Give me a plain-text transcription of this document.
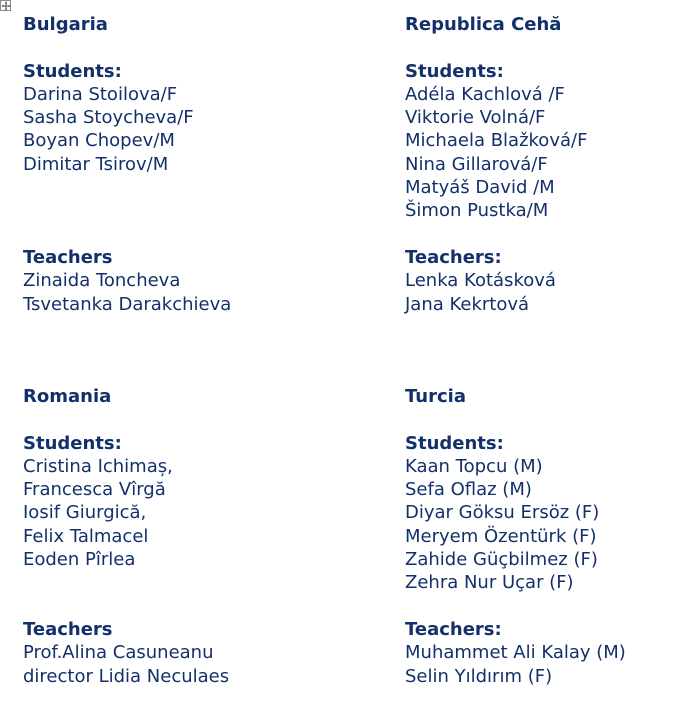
Bulgaria
Students:
Darina Stoilova/F
Sasha Stoycheva/F
Boyan Chopev/M
Dimitar Tsirov/M
Teachers
Zinaida Toncheva
Tsvetanka Darakchieva
Republica Cehă
Students:
Adéla Kachlová /F
Viktorie Volná/F
Michaela Blažková/F
Nina Gillarová/F
Matyáš David /M
Šimon Pustka/M
Teachers:
Lenka Kotásková
Jana Kekrtová
Romania
Students:
Cristina Ichimaș,
Francesca Vîrgă
Iosif Giurgică,
Felix Talmacel
Eoden Pîrlea
Teachers
Prof.Alina Casuneanu
director Lidia Neculaes
Turcia
Students:
Kaan Topcu (M)
Sefa Oflaz (M)
Diyar Göksu Ersöz (F)
Meryem Özentürk (F)
Zahide Güçbilmez (F)
Zehra Nur Uçar (F)
Teachers:
Muhammet Ali Kalay (M)
Selin Yıldırım (F)
